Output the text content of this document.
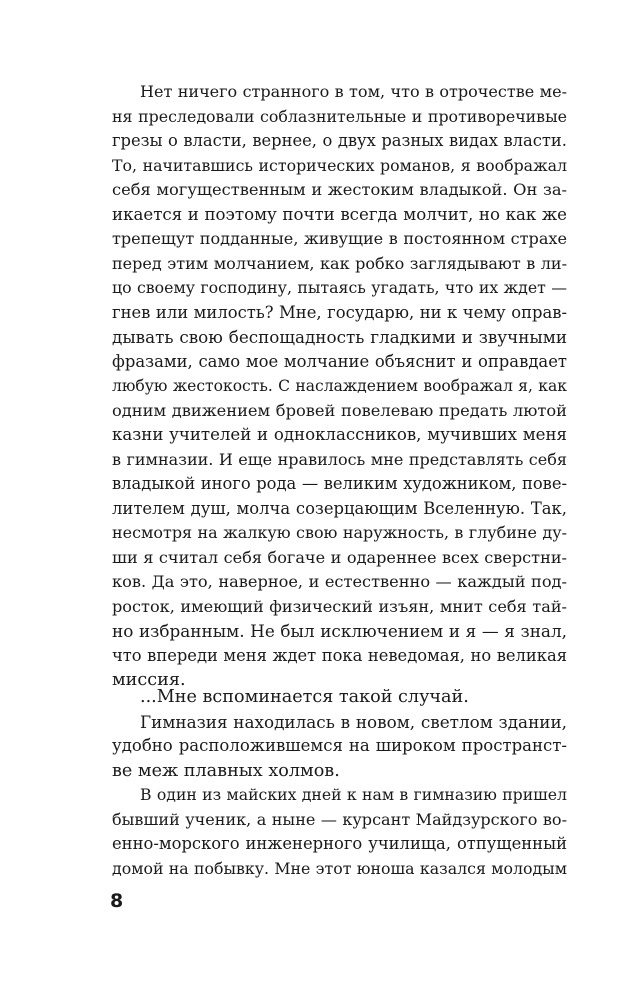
Нет ничего странного в том, что в отрочестве ме-
ня преследовали соблазнительные и противоречивые
грезы о власти, вернее, о двух разных видах власти.
То, начитавшись исторических романов, я воображал
себя могущественным и жестоким владыкой. Он за-
икается и поэтому почти всегда молчит, но как же
трепещут подданные, живущие в постоянном страхе
перед этим молчанием, как робко заглядывают в ли-
цо своему господину, пытаясь угадать, что их ждет —
гнев или милость? Мне, государю, ни к чему оправ-
дывать свою беспощадность гладкими и звучными
фразами, само мое молчание объяснит и оправдает
любую жестокость. С наслаждением воображал я, как
одним движением бровей повелеваю предать лютой
казни учителей и одноклассников, мучивших меня
в гимназии. И еще нравилось мне представлять себя
владыкой иного рода — великим художником, пове-
лителем душ, молча созерцающим Вселенную. Так,
несмотря на жалкую свою наружность, в глубине ду-
ши я считал себя богаче и одареннее всех сверстни-
ков. Да это, наверное, и естественно — каждый под-
росток, имеющий физический изъян, мнит себя тай-
но избранным. Не был исключением и я — я знал,
что впереди меня ждет пока неведомая, но великая
миссия.
...Мне вспоминается такой случай.
Гимназия находилась в новом, светлом здании,
удобно расположившемся на широком пространст-
ве меж плавных холмов.
В один из майских дней к нам в гимназию пришел
бывший ученик, а ныне — курсант Майдзурского во-
енно-морского инженерного училища, отпущенный
домой на побывку. Мне этот юноша казался молодым
8
